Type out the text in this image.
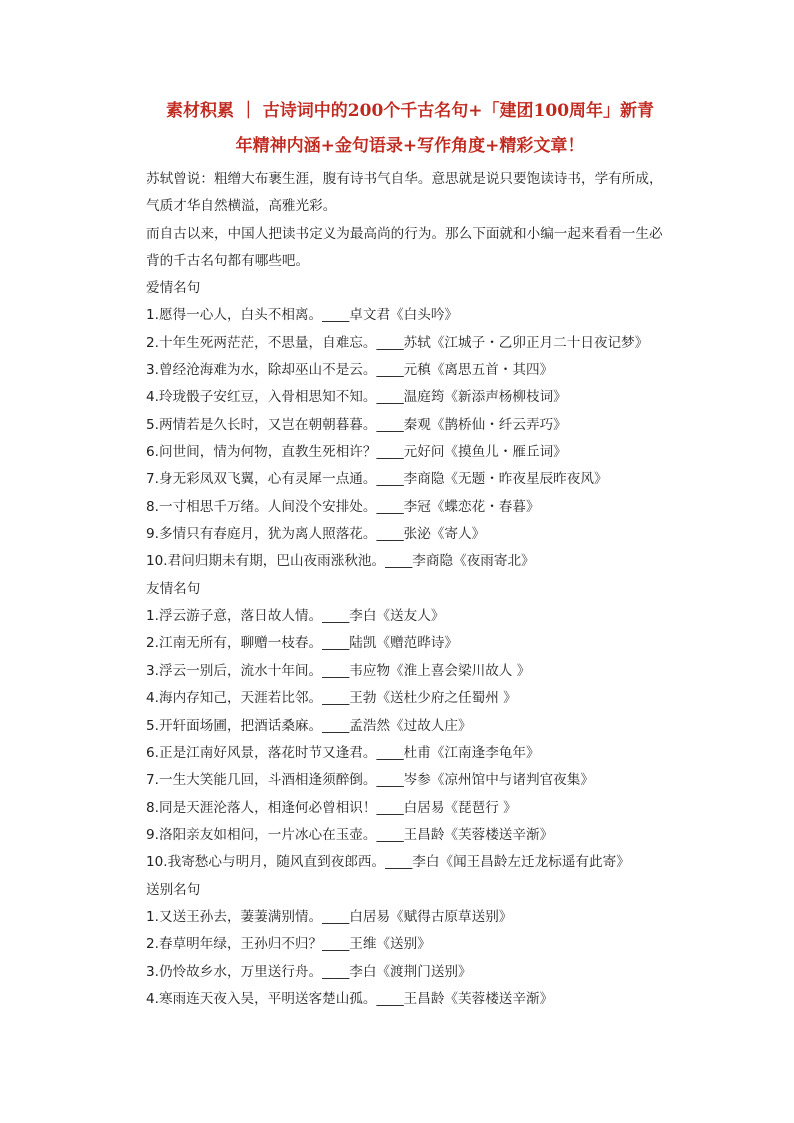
素材积累 ｜ 古诗词中的200个千古名句+「建团100周年」新青
年精神内涵+金句语录+写作角度+精彩文章！
苏轼曾说：粗缯大布裹生涯，腹有诗书气自华。意思就是说只要饱读诗书，学有所成，气质才华自然横溢，高雅光彩。
而自古以来，中国人把读书定义为最高尚的行为。那么下面就和小编一起来看看一生必背的千古名句都有哪些吧。
爱情名句
1.愿得一心人，白头不相离。____卓文君《白头吟》
2.十年生死两茫茫，不思量，自难忘。____苏轼《江城子・乙卯正月二十日夜记梦》
3.曾经沧海难为水，除却巫山不是云。____元稹《离思五首・其四》
4.玲珑骰子安红豆，入骨相思知不知。____温庭筠《新添声杨柳枝词》
5.两情若是久长时，又岂在朝朝暮暮。____秦观《鹊桥仙・纤云弄巧》
6.问世间，情为何物，直教生死相许？____元好问《摸鱼儿・雁丘词》
7.身无彩凤双飞翼，心有灵犀一点通。____李商隐《无题・昨夜星辰昨夜风》
8.一寸相思千万绪。人间没个安排处。____李冠《蝶恋花・春暮》
9.多情只有春庭月，犹为离人照落花。____张泌《寄人》
10.君问归期未有期，巴山夜雨涨秋池。____李商隐《夜雨寄北》
友情名句
1.浮云游子意，落日故人情。____李白《送友人》
2.江南无所有，聊赠一枝春。____陆凯《赠范晔诗》
3.浮云一别后，流水十年间。____韦应物《淮上喜会梁川故人 》
4.海内存知己，天涯若比邻。____王勃《送杜少府之任蜀州 》
5.开轩面场圃，把酒话桑麻。____孟浩然《过故人庄》
6.正是江南好风景，落花时节又逢君。____杜甫《江南逢李龟年》
7.一生大笑能几回，斗酒相逢须醉倒。____岑参《凉州馆中与诸判官夜集》
8.同是天涯沦落人，相逢何必曾相识！____白居易《琵琶行 》
9.洛阳亲友如相问，一片冰心在玉壶。____王昌龄《芙蓉楼送辛渐》
10.我寄愁心与明月，随风直到夜郎西。____李白《闻王昌龄左迁龙标遥有此寄》
送别名句
1.又送王孙去，萋萋满别情。____白居易《赋得古原草送别》
2.春草明年绿，王孙归不归？____王维《送别》
3.仍怜故乡水，万里送行舟。____李白《渡荆门送别》
4.寒雨连天夜入吴，平明送客楚山孤。____王昌龄《芙蓉楼送辛渐》
